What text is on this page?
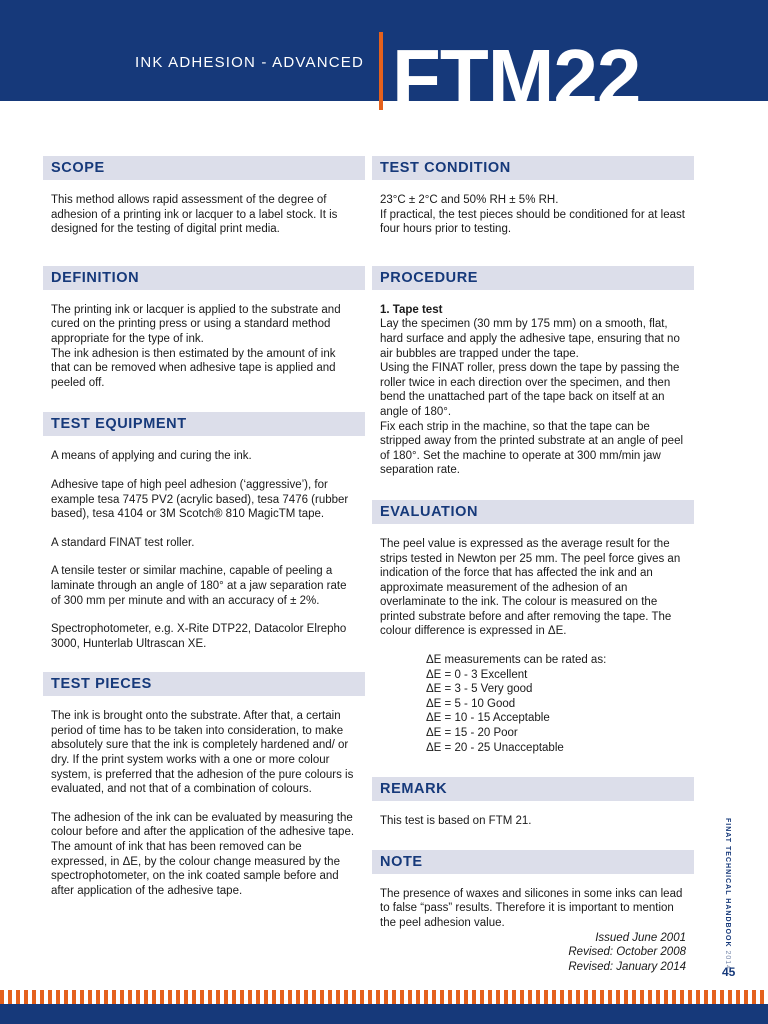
INK ADHESION - ADVANCED FTM22
SCOPE

This method allows rapid assessment of the degree of adhesion of a printing ink or lacquer to a label stock. It is designed for the testing of digital print media.

DEFINITION

The printing ink or lacquer is applied to the substrate and cured on the printing press or using a standard method appropriate for the type of ink.

The ink adhesion is then estimated by the amount of ink that can be removed when adhesive tape is applied and peeled off.

TEST EQUIPMENT

A means of applying and curing the ink.

Adhesive tape of high peel adhesion (‘aggressive’), for example tesa 7475 PV2 (acrylic based), tesa 7476 (rubber based), tesa 4104 or 3M Scotch® 810 MagicTM tape.

A standard FINAT test roller.

A tensile tester or similar machine, capable of peeling a laminate through an angle of 180° at a jaw separation rate of 300 mm per minute and with an accuracy of ± 2%.

Spectrophotometer, e.g. X-Rite DTP22, Datacolor Elrepho 3000, Hunterlab Ultrascan XE.

TEST PIECES

The ink is brought onto the substrate. After that, a certain period of time has to be taken into consideration, to make absolutely sure that the ink is completely hardened and/ or dry. If the print system works with a one or more colour system, is preferred that the adhesion of the pure colours is evaluated, and not that of a combination of colours.

The adhesion of the ink can be evaluated by measuring the colour before and after the application of the adhesive tape. The amount of ink that has been removed can be expressed, in ΔE, by the colour change measured by the spectrophotometer, on the ink coated sample before and after application of the adhesive tape.

TEST CONDITION

23°C ± 2°C and 50% RH ± 5% RH.

If practical, the test pieces should be conditioned for at least four hours prior to testing.

PROCEDURE

1. Tape test

Lay the specimen (30 mm by 175 mm) on a smooth, flat, hard surface and apply the adhesive tape, ensuring that no air bubbles are trapped under the tape.

Using the FINAT roller, press down the tape by passing the roller twice in each direction over the specimen, and then bend the unattached part of the tape back on itself at an angle of 180°.

Fix each strip in the machine, so that the tape can be stripped away from the printed substrate at an angle of peel of 180°. Set the machine to operate at 300 mm/min jaw separation rate.

EVALUATION

The peel value is expressed as the average result for the strips tested in Newton per 25 mm. The peel force gives an indication of the force that has affected the ink and an approximate measurement of the adhesion of an overlaminate to the ink. The colour is measured on the printed substrate before and after removing the tape. The colour difference is expressed in ΔE.

ΔE measurements can be rated as:

ΔE = 0 - 3 Excellent

ΔE = 3 - 5 Very good

ΔE = 5 - 10 Good

ΔE = 10 - 15 Acceptable

ΔE = 15 - 20 Poor

ΔE = 20 - 25 Unacceptable

REMARK

This test is based on FTM 21.

NOTE

The presence of waxes and silicones in some inks can lead to false “pass” results. Therefore it is important to mention the peel adhesion value.

Issued June 2001

Revised: October 2008

Revised: January 2014

FINAT TECHNICAL HANDBOOK 2014
45
